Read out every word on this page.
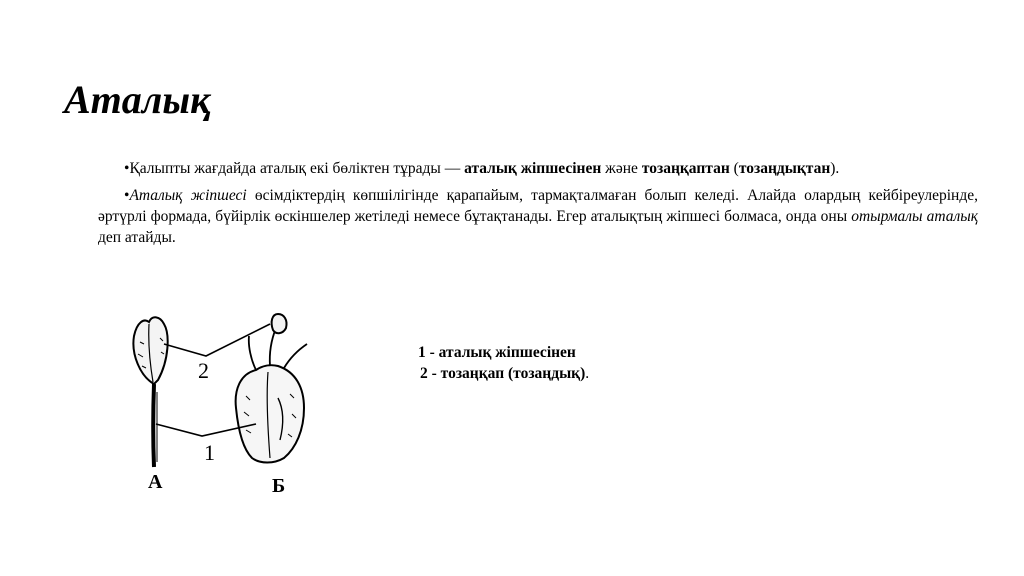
Аталық

•Қалыпты жағдайда аталық екі бөліктен тұрады — аталық жіпшесінен және тозаңқаптан (тозаңдықтан).

•Аталық жіпшесі өсімдіктердің көпшілігінде қарапайым, тармақталмаған болып келеді. Алайда олардың кейбіреулерінде, әртүрлі формада, бүйірлік өскіншелер жетіледі немесе бұтақтанады. Егер аталықтың жіпшесі болмаса, онда оны отырмалы аталық деп атайды.

2
1
А	Б
1 - аталық жіпшесінен
2 - тозаңқап (тозаңдық).
